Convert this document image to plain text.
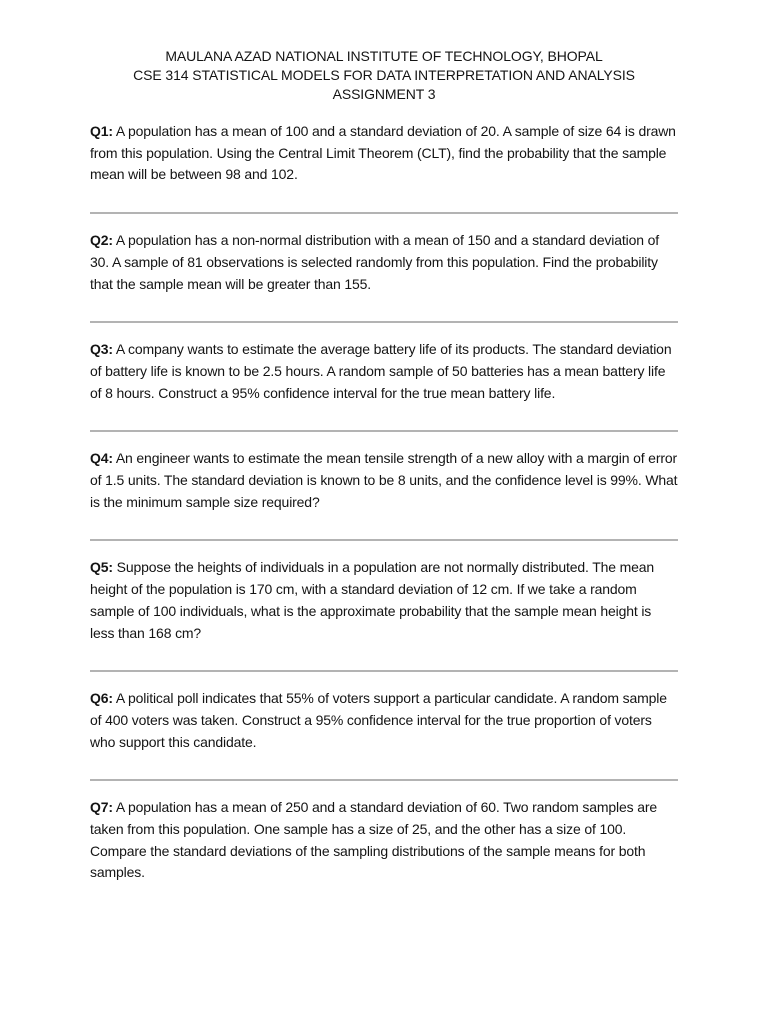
MAULANA AZAD NATIONAL INSTITUTE OF TECHNOLOGY, BHOPAL
CSE 314 STATISTICAL MODELS FOR DATA INTERPRETATION AND ANALYSIS
ASSIGNMENT 3
Q1: A population has a mean of 100 and a standard deviation of 20. A sample of size 64 is drawn from this population. Using the Central Limit Theorem (CLT), find the probability that the sample mean will be between 98 and 102.
Q2: A population has a non-normal distribution with a mean of 150 and a standard deviation of 30. A sample of 81 observations is selected randomly from this population. Find the probability that the sample mean will be greater than 155.
Q3: A company wants to estimate the average battery life of its products. The standard deviation of battery life is known to be 2.5 hours. A random sample of 50 batteries has a mean battery life of 8 hours. Construct a 95% confidence interval for the true mean battery life.
Q4: An engineer wants to estimate the mean tensile strength of a new alloy with a margin of error of 1.5 units. The standard deviation is known to be 8 units, and the confidence level is 99%. What is the minimum sample size required?
Q5: Suppose the heights of individuals in a population are not normally distributed. The mean height of the population is 170 cm, with a standard deviation of 12 cm. If we take a random sample of 100 individuals, what is the approximate probability that the sample mean height is less than 168 cm?
Q6: A political poll indicates that 55% of voters support a particular candidate. A random sample of 400 voters was taken. Construct a 95% confidence interval for the true proportion of voters who support this candidate.
Q7: A population has a mean of 250 and a standard deviation of 60. Two random samples are taken from this population. One sample has a size of 25, and the other has a size of 100. Compare the standard deviations of the sampling distributions of the sample means for both samples.
